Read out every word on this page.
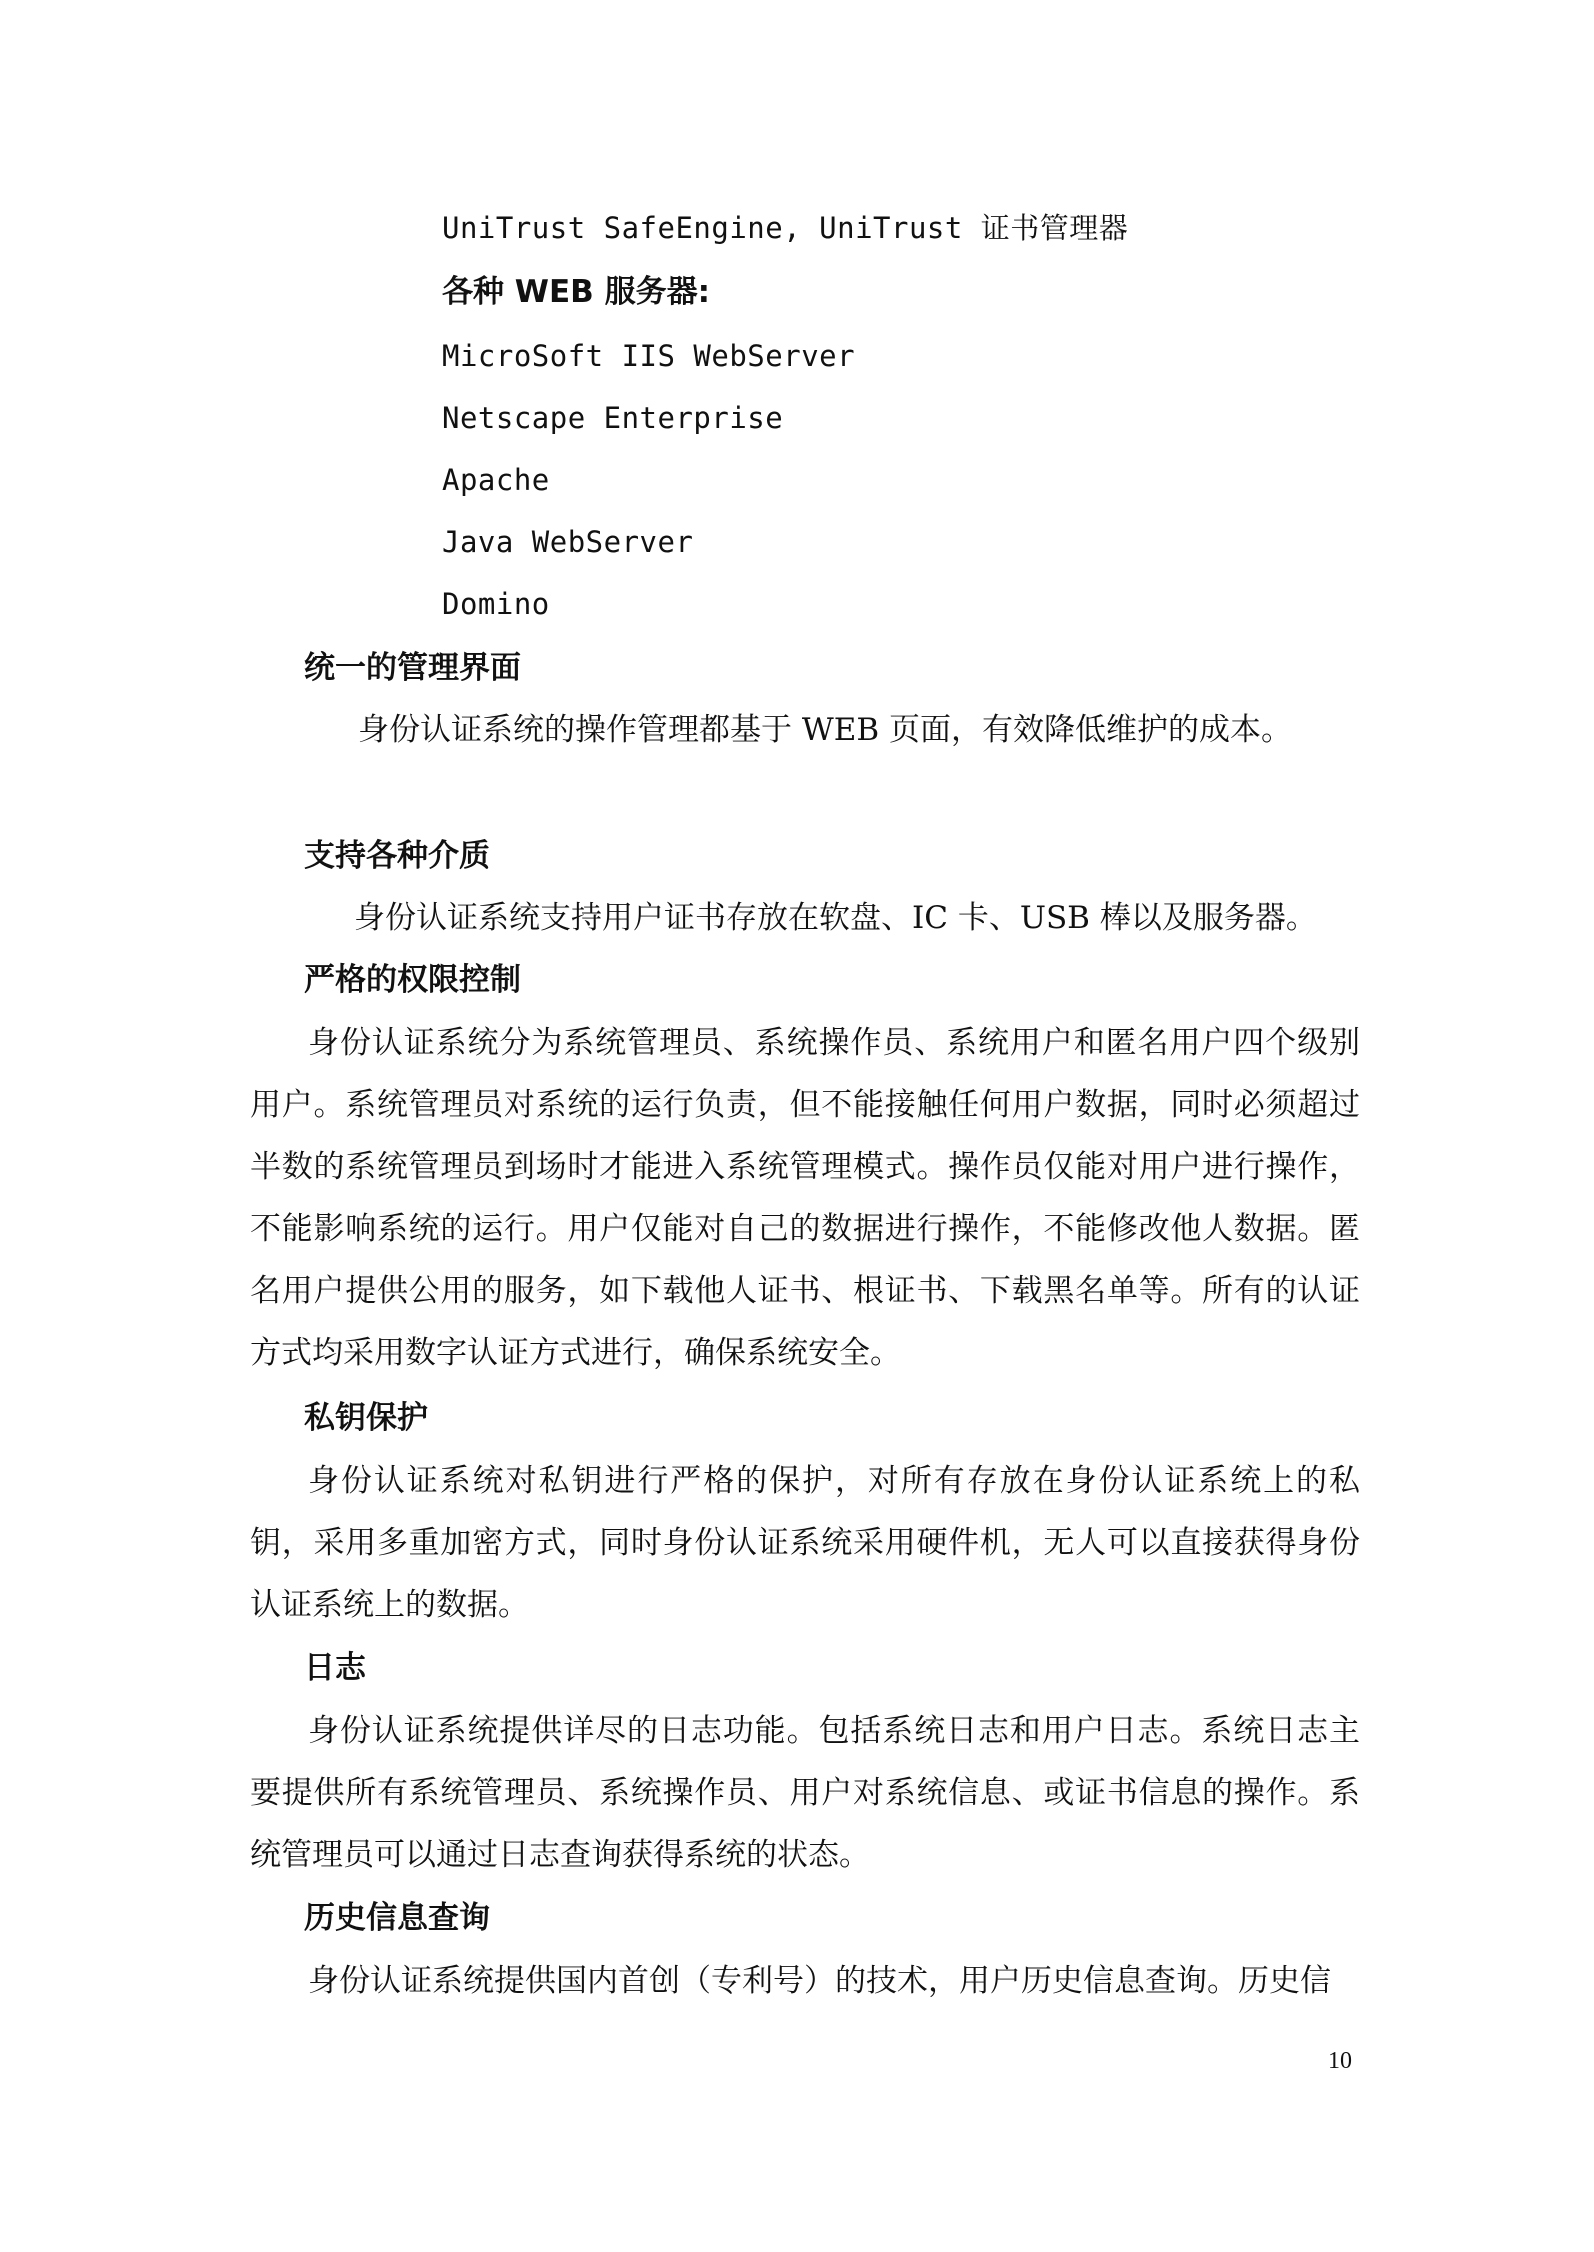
UniTrust SafeEngine, UniTrust 证书管理器
各种 WEB 服务器:
MicroSoft IIS WebServer
Netscape Enterprise
Apache
Java WebServer
Domino
统一的管理界面
身份认证系统的操作管理都基于 WEB 页面，有效降低维护的成本。
支持各种介质
身份认证系统支持用户证书存放在软盘、IC 卡、USB 棒以及服务器。
严格的权限控制

身份认证系统分为系统管理员、系统操作员、系统用户和匿名用户四个级别用户。系统管理员对系统的运行负责，但不能接触任何用户数据，同时必须超过半数的系统管理员到场时才能进入系统管理模式。操作员仅能对用户进行操作，不能影响系统的运行。用户仅能对自己的数据进行操作，不能修改他人数据。匿名用户提供公用的服务，如下载他人证书、根证书、下载黑名单等。所有的认证方式均采用数字认证方式进行，确保系统安全。

私钥保护

身份认证系统对私钥进行严格的保护，对所有存放在身份认证系统上的私钥，采用多重加密方式，同时身份认证系统采用硬件机，无人可以直接获得身份认证系统上的数据。

日志

身份认证系统提供详尽的日志功能。包括系统日志和用户日志。系统日志主要提供所有系统管理员、系统操作员、用户对系统信息、或证书信息的操作。系统管理员可以通过日志查询获得系统的状态。

历史信息查询

身份认证系统提供国内首创（专利号）的技术，用户历史信息查询。历史信

10
